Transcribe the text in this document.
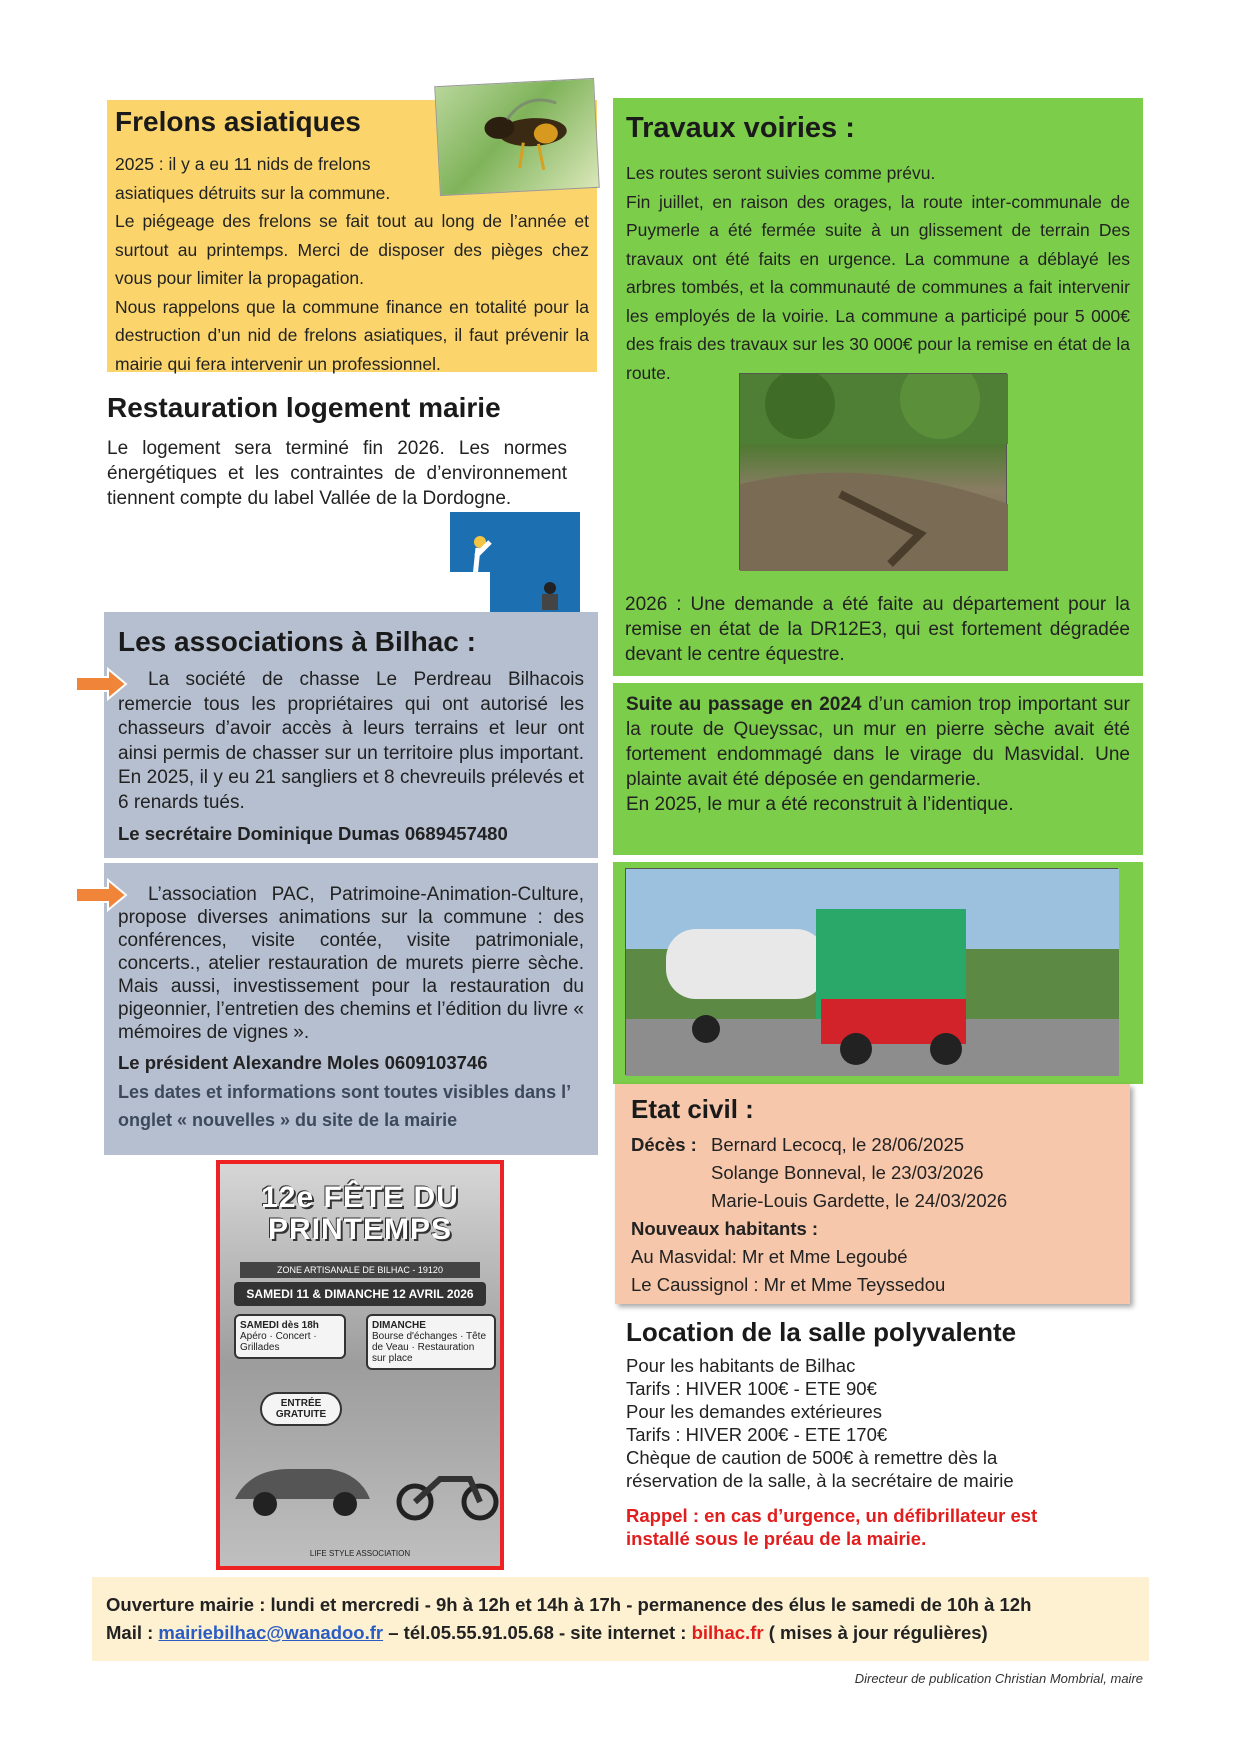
Frelons asiatiques
2025 : il y a eu 11 nids de frelons asiatiques détruits sur la commune.
Le piégeage des frelons se fait tout au long de l’année et surtout au printemps. Merci de disposer des pièges chez vous pour limiter la propagation.
Nous rappelons que la commune finance en totalité pour la destruction d’un nid de frelons asiatiques, il faut prévenir la mairie qui fera intervenir un professionnel.
Restauration logement mairie
Le logement sera terminé fin 2026. Les normes énergétiques et les contraintes de d’environnement tiennent compte du label Vallée de la Dordogne.
Travaux voiries :
Les routes seront suivies comme prévu.
Fin juillet, en raison des orages, la route inter-communale de Puymerle a été fermée suite à un glissement de terrain Des travaux ont été faits en urgence. La commune a déblayé les arbres tombés, et la communauté de communes a fait intervenir les employés de la voirie. La commune a participé pour 5 000€ des frais des travaux sur les 30 000€ pour la remise en état de la route.
2026 : Une demande a été faite au département pour la remise en état de la DR12E3, qui est fortement dégradée devant le centre équestre.
Suite au passage en 2024 d’un camion trop important sur la route de Queyssac, un mur en pierre sèche avait été fortement endommagé dans le virage du Masvidal. Une plainte avait été déposée en gendarmerie.
En 2025, le mur a été reconstruit à l’identique.
Etat civil :
Décès : Bernard Lecocq, le 28/06/2025
Solange Bonneval, le 23/03/2026
Marie-Louis Gardette, le 24/03/2026
Nouveaux habitants :
Au Masvidal: Mr et Mme Legoubé
Le Caussignol : Mr et Mme Teyssedou
Location de la salle polyvalente
Pour les habitants de Bilhac
Tarifs : HIVER 100€ - ETE 90€
Pour les demandes extérieures
Tarifs : HIVER 200€ - ETE 170€
Chèque de caution de 500€ à remettre dès la réservation de la salle, à la secrétaire de mairie
Rappel : en cas d’urgence, un défibrillateur est installé sous le préau de la mairie.
Les associations à Bilhac :
La société de chasse Le Perdreau Bilhacois remercie tous les propriétaires qui ont autorisé les chasseurs d’avoir accès à leurs terrains et leur ont ainsi permis de chasser sur un territoire plus important. En 2025, il y eu 21 sangliers et 8 chevreuils prélevés et 6 renards tués.
Le secrétaire Dominique Dumas 0689457480
L’association PAC, Patrimoine-Animation-Culture, propose diverses animations sur la commune : des conférences, visite contée, visite patrimoniale, concerts., atelier restauration de murets pierre sèche. Mais aussi, investissement pour la restauration du pigeonnier, l’entretien des chemins et l’édition du livre « mémoires de vignes ».
Le président Alexandre Moles 0609103746
Les dates et informations sont toutes visibles dans l’ onglet « nouvelles » du site de la mairie
12e FÊTE DU
PRINTEMPS
ZONE ARTISANALE DE BILHAC - 19120
SAMEDI 11 & DIMANCHE 12 AVRIL 2026
SAMEDI dès 18h
Apéro · Concert · Grillades
DIMANCHE
Bourse d'échanges · Tête de Veau · Restauration sur place
ENTRÉE GRATUITE
LIFE STYLE ASSOCIATION
Ouverture mairie : lundi et mercredi - 9h à 12h et 14h à 17h - permanence des élus le samedi de 10h à 12h
Mail : mairiebilhac@wanadoo.fr – tél.05.55.91.05.68 - site internet : bilhac.fr ( mises à jour régulières)
Directeur de publication Christian Mombrial, maire
